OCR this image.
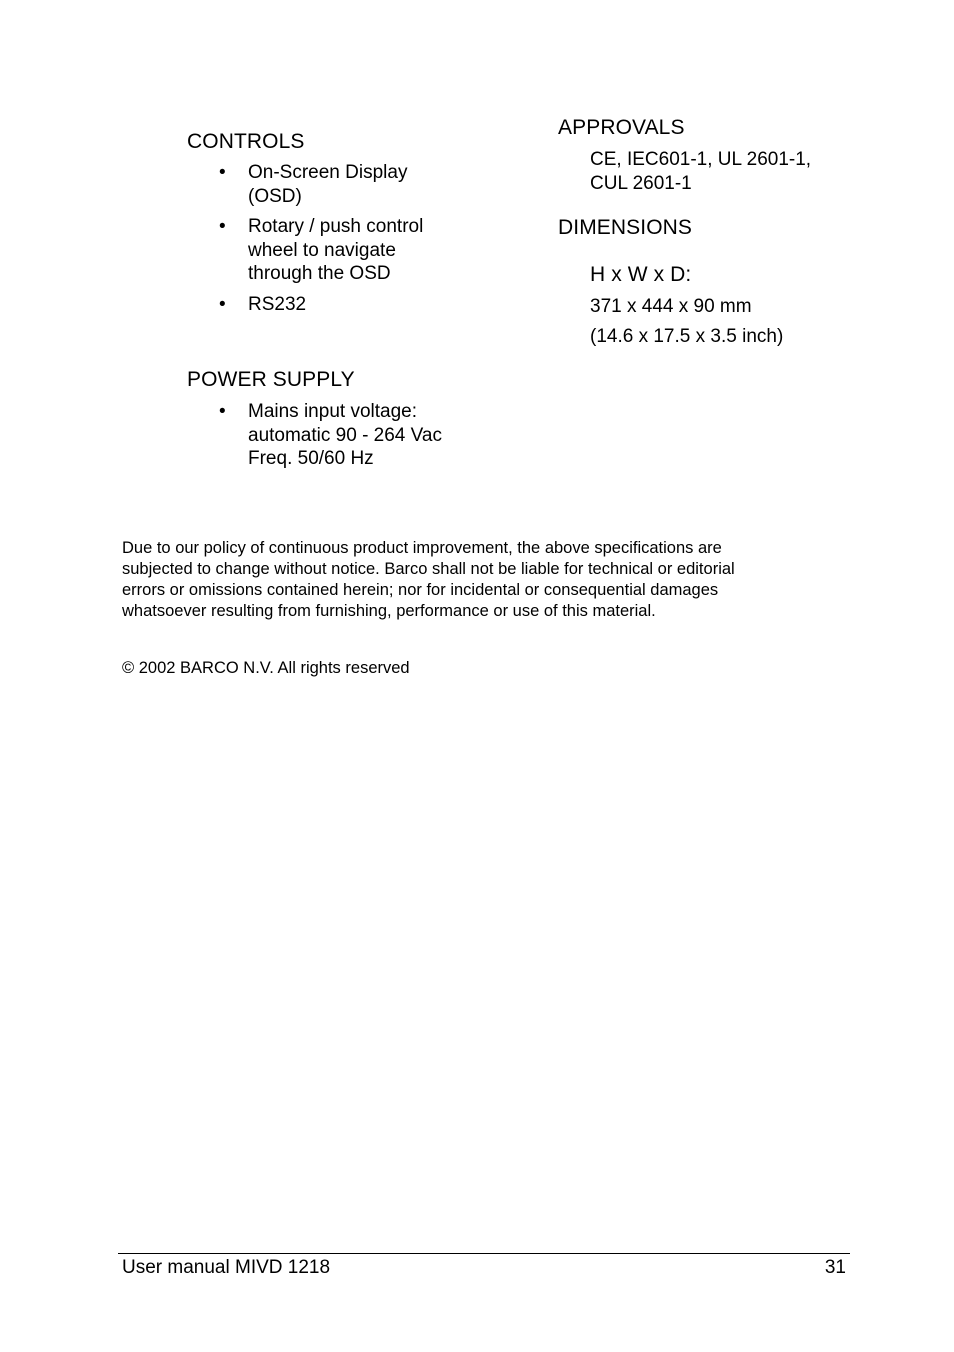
CONTROLS
• On-Screen Display
(OSD)
• Rotary / push control
wheel to navigate
through the OSD
• RS232
POWER SUPPLY
• Mains input voltage:
automatic 90 - 264 Vac
Freq. 50/60 Hz
APPROVALS
CE, IEC601-1, UL 2601-1,
CUL 2601-1
DIMENSIONS
H x W x D:
371 x 444 x 90 mm
(14.6 x 17.5 x 3.5 inch)
Due to our policy of continuous product improvement, the above specifications are
subjected to change without notice. Barco shall not be liable for technical or editorial
errors or omissions contained herein; nor for incidental or consequential damages
whatsoever resulting from furnishing, performance or use of this material.
© 2002 BARCO N.V. All rights reserved
User manual MIVD 1218	31
